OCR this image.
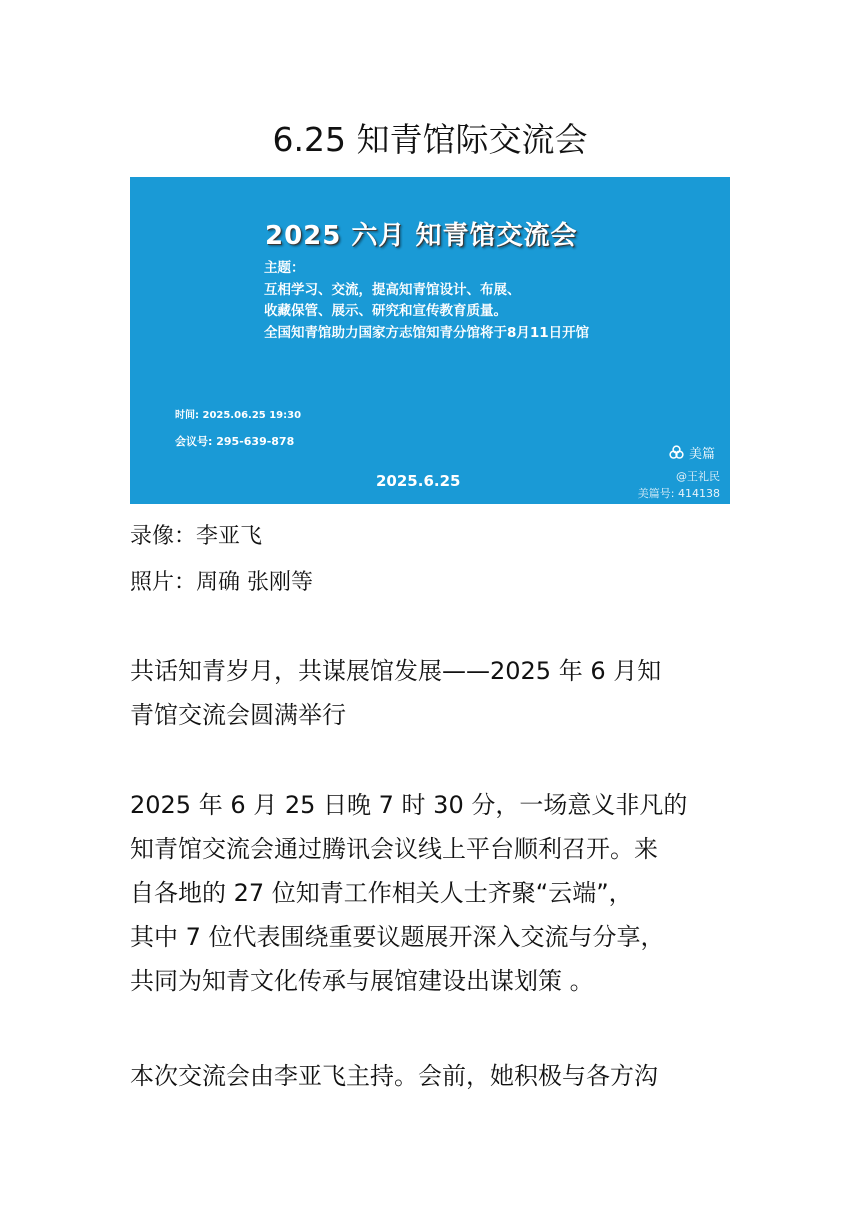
6.25 知青馆际交流会
2025 六月 知青馆交流会
主题：
互相学习、交流，提高知青馆设计、布展、
收藏保管、展示、研究和宣传教育质量。
全国知青馆助力国家方志馆知青分馆将于8月11日开馆
时间: 2025.06.25 19:30
会议号: 295-639-878
2025.6.25
美篇
@王礼民
美篇号: 414138
录像：李亚飞
照片：周确 张刚等
共话知青岁月，共谋展馆发展——2025 年 6 月知
青馆交流会圆满举行
2025 年 6 月 25 日晚 7 时 30 分，一场意义非凡的
知青馆交流会通过腾讯会议线上平台顺利召开。来
自各地的 27 位知青工作相关人士齐聚“云端”，
其中 7 位代表围绕重要议题展开深入交流与分享，
共同为知青文化传承与展馆建设出谋划策 。
本次交流会由李亚飞主持。会前，她积极与各方沟
